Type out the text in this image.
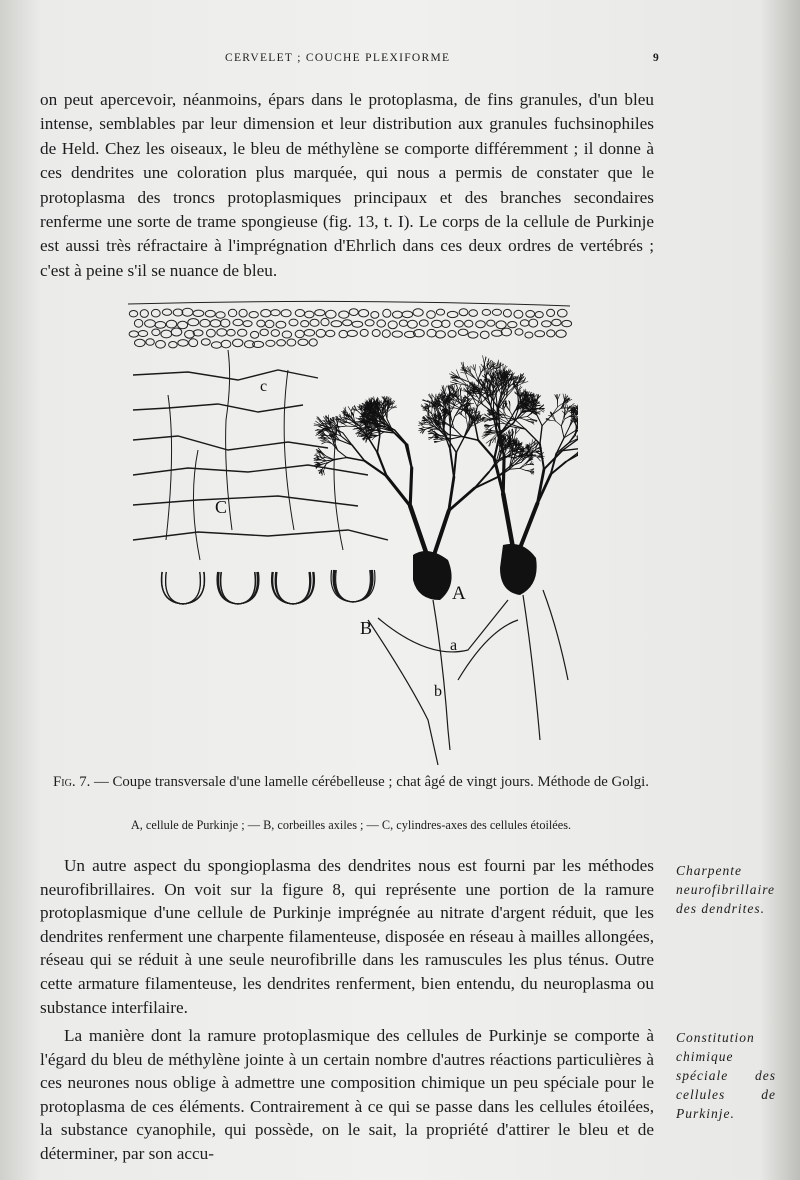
CERVELET ; COUCHE PLEXIFORME	9

on peut apercevoir, néanmoins, épars dans le protoplasma, de fins granules, d'un bleu intense, semblables par leur dimension et leur distribution aux granules fuchsinophiles de Held. Chez les oiseaux, le bleu de méthylène se comporte différemment ; il donne à ces dendrites une coloration plus marquée, qui nous a permis de constater que le protoplasma des troncs protoplasmiques principaux et des branches secondaires renferme une sorte de trame spongieuse (fig. 13, t. I). Le corps de la cellule de Purkinje est aussi très réfractaire à l'imprégnation d'Ehrlich dans ces deux ordres de vertébrés ; c'est à peine s'il se nuance de bleu.

c
C
A
B
a
b
Fig. 7. — Coupe transversale d'une lamelle cérébelleuse ; chat âgé de vingt jours. Méthode de Golgi.
A, cellule de Purkinje ; — B, corbeilles axiles ; — C, cylindres-axes des cellules étoilées.

Un autre aspect du spongioplasma des dendrites nous est fourni par les méthodes neurofibrillaires. On voit sur la figure 8, qui représente une portion de la ramure protoplasmique d'une cellule de Purkinje imprégnée au nitrate d'argent réduit, que les dendrites renferment une charpente filamenteuse, disposée en réseau à mailles allongées, réseau qui se réduit à une seule neurofibrille dans les ramuscules les plus ténus. Outre cette armature filamenteuse, les dendrites renferment, bien entendu, du neuroplasma ou substance interfilaire.

La manière dont la ramure protoplasmique des cellules de Purkinje se comporte à l'égard du bleu de méthylène jointe à un certain nombre d'autres réactions particulières à ces neurones nous oblige à admettre une composition chimique un peu spéciale pour le protoplasma de ces éléments. Contrairement à ce qui se passe dans les cellules étoilées, la substance cyanophile, qui possède, on le sait, la propriété d'attirer le bleu et de déterminer, par son accu-

Charpente neurofibrillaire des dendrites.
Constitution chimique spéciale des cellules de Purkinje.
